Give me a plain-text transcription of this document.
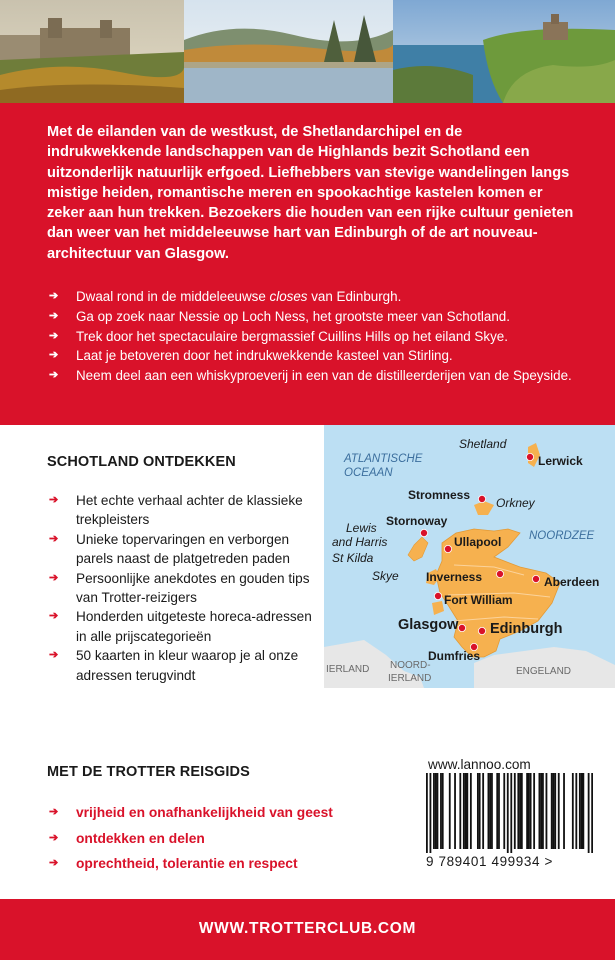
Met de eilanden van de westkust, de Shetlandarchipel en de indrukwekkende landschappen van de Highlands bezit Schotland een uitzonderlijk natuurlijk erfgoed. Liefhebbers van stevige wandelingen langs mistige heiden, romantische meren en spookachtige kastelen komen er zeker aan hun trekken. Bezoekers die houden van een rijke cultuur genieten dan weer van het middeleeuwse hart van Edinburgh of de art nouveau-architectuur van Glasgow.

➔ Dwaal rond in de middeleeuwse closes van Edinburgh.
➔ Ga op zoek naar Nessie op Loch Ness, het grootste meer van Schotland.
➔ Trek door het spectaculaire bergmassief Cuillins Hills op het eiland Skye.
➔ Laat je betoveren door het indrukwekkende kasteel van Stirling.
➔ Neem deel aan een whiskyproeverij in een van de distilleerderijen van de Speyside.
SCHOTLAND ONTDEKKEN
➔ Het echte verhaal achter de klassieke trekpleisters
➔ Unieke topervaringen en verborgen parels naast de platgetreden paden
➔ Persoonlijke anekdotes en gouden tips van Trotter-reizigers
➔ Honderden uitgeteste horeca-adressen in alle prijscategorieën
➔ 50 kaarten in kleur waarop je al onze adressen terugvindt
ATLANTISCHE
OCEAAN
NOORDZEE
Shetland
Orkney
Lewis
and Harris
St Kilda
Skye
Lerwick
Stromness
Stornoway
Ullapool
Inverness	Aberdeen
Fort William
Glasgow Edinburgh
Dumfries
IERLAND NOORD-
IERLAND
ENGELAND
MET DE TROTTER REISGIDS
➔ vrijheid en onafhankelijkheid van geest
➔ ontdekken en delen
➔ oprechtheid, tolerantie en respect
www.lannoo.com
9 789401 499934 >
WWW.TROTTERCLUB.COM
